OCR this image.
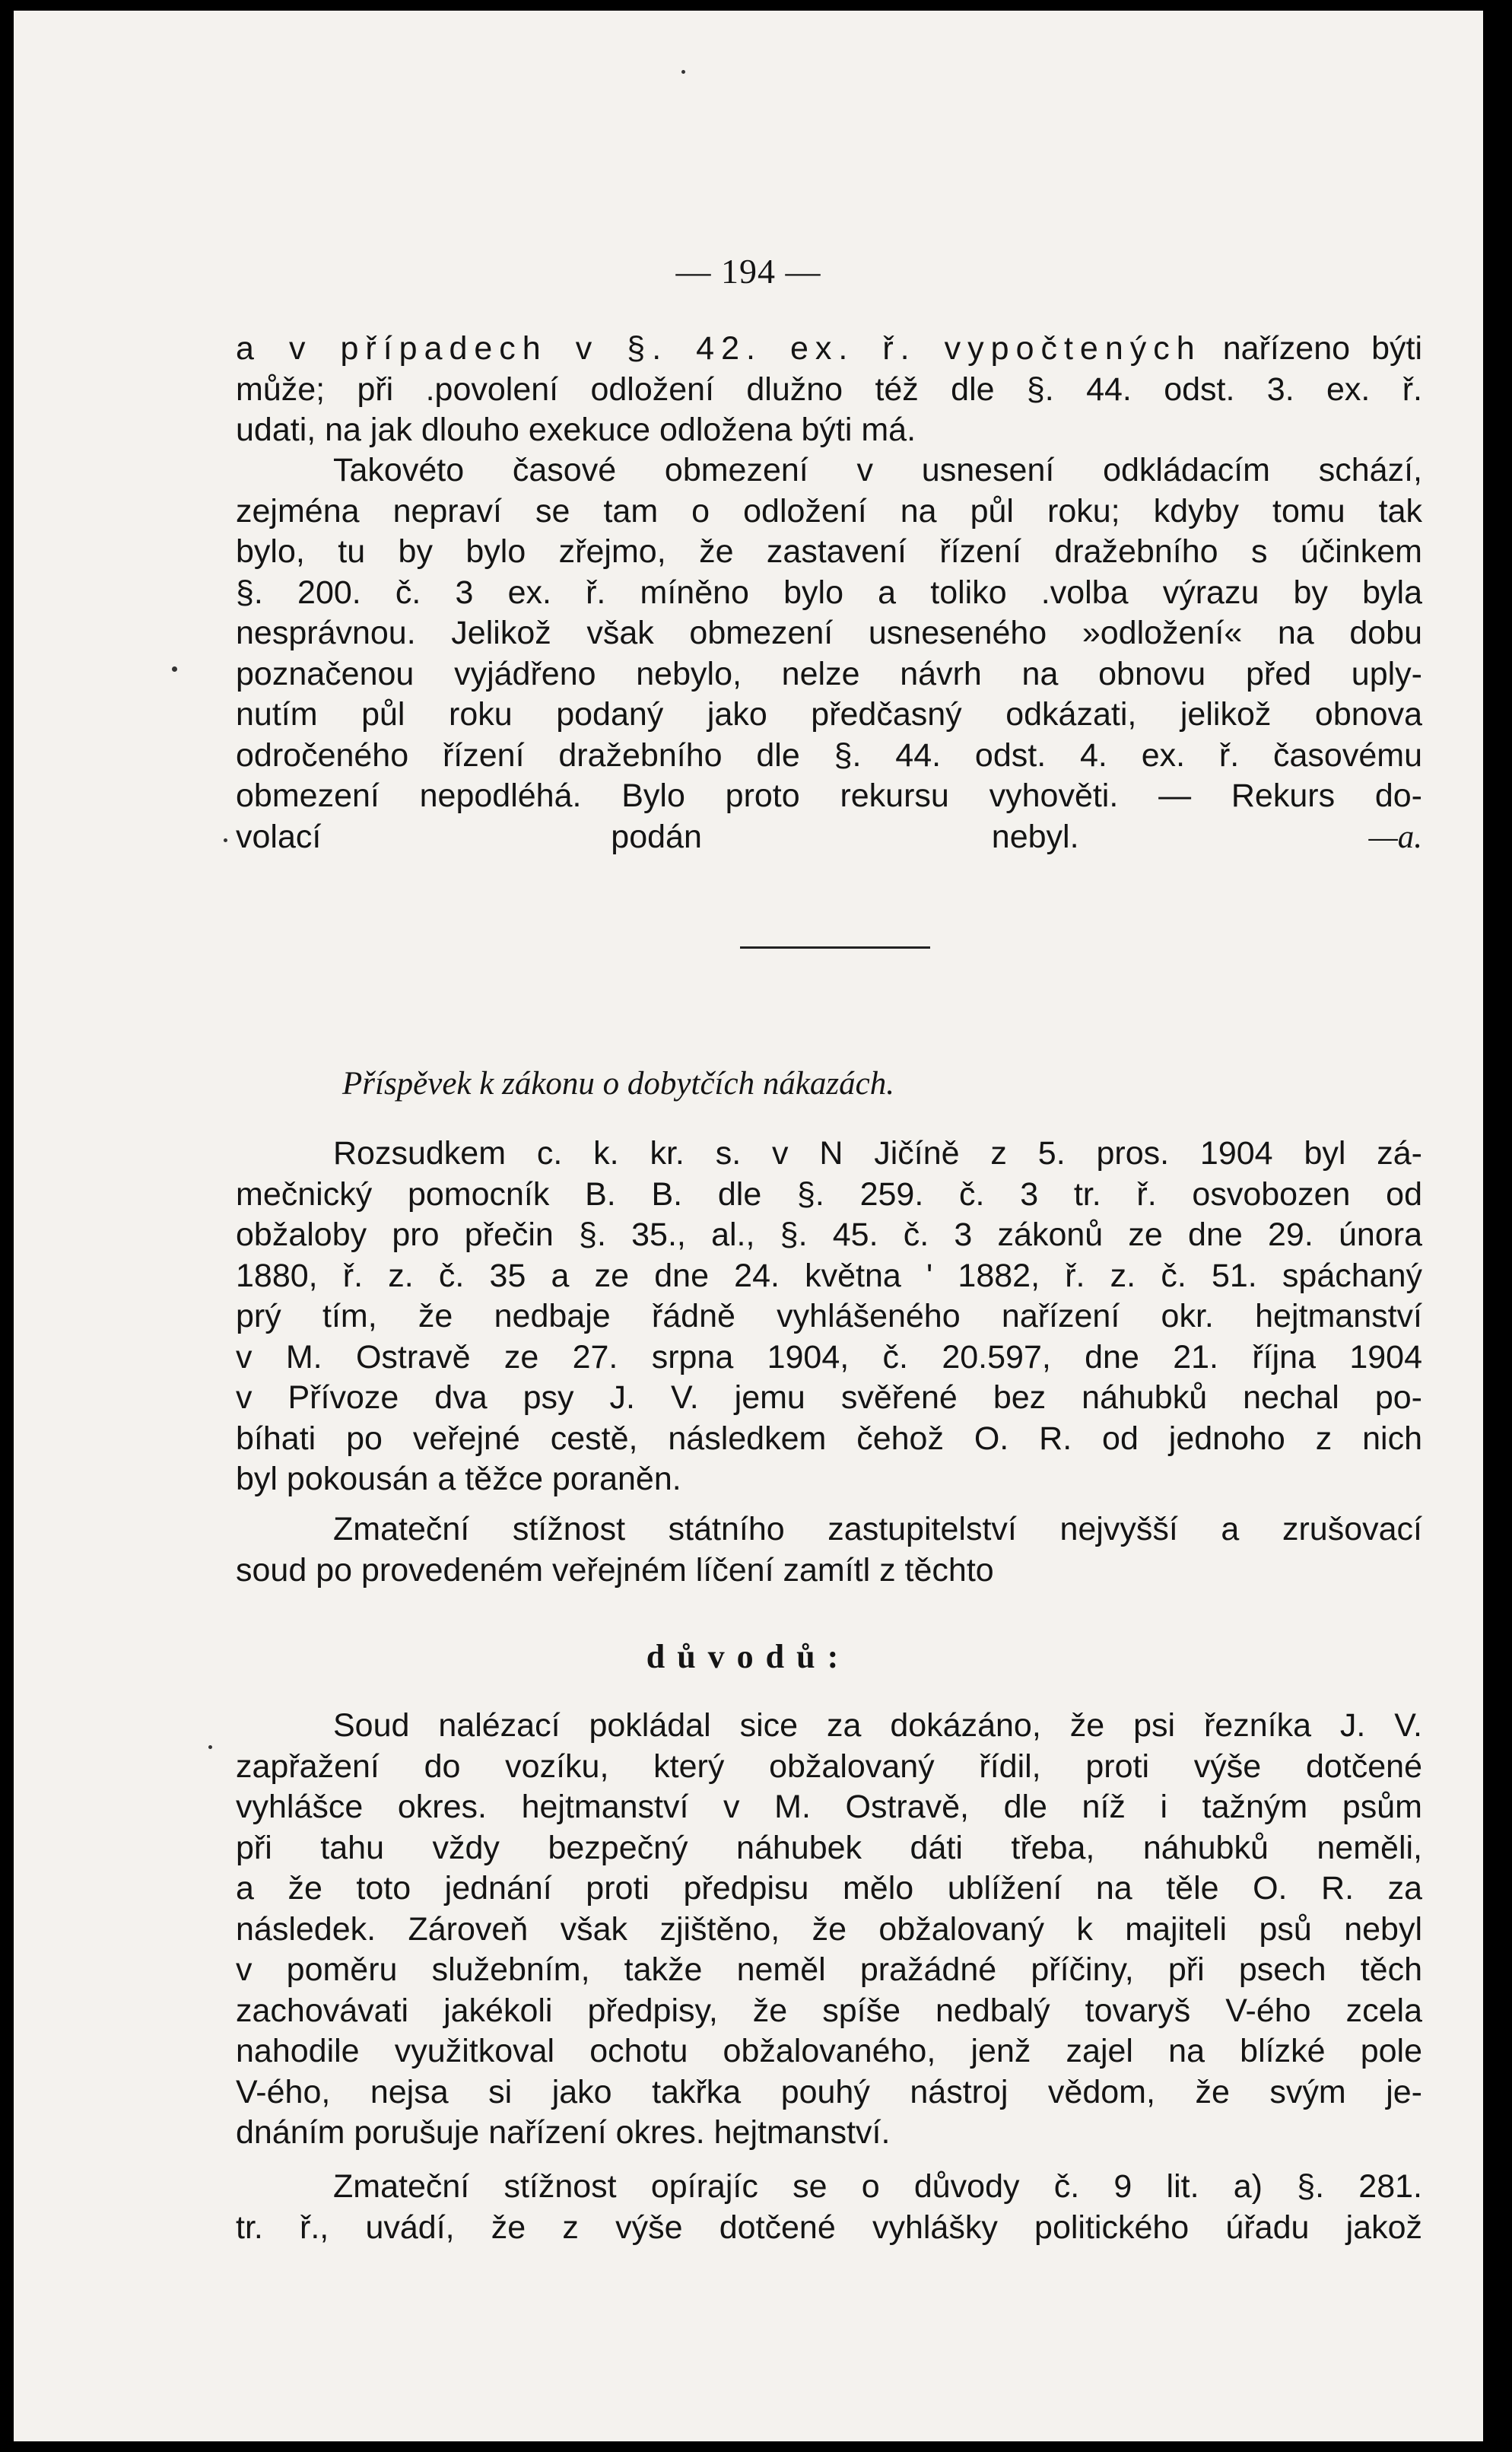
— 194 —
a v případech v §. 42. ex. ř. vypočtených nařízeno býti
může; při .povolení odložení dlužno též dle §. 44. odst. 3. ex. ř.
udati, na jak dlouho exekuce odložena býti má.
Takovéto časové obmezení v usnesení odkládacím schází,
zejména nepraví se tam o odložení na půl roku; kdyby tomu tak
bylo, tu by bylo zřejmo, že zastavení řízení dražebního s účinkem
§. 200. č. 3 ex. ř. míněno bylo a toliko .volba výrazu by byla
nesprávnou. Jelikož však obmezení usneseného »odložení« na dobu
poznačenou vyjádřeno nebylo, nelze návrh na obnovu před uply-
nutím půl roku podaný jako předčasný odkázati, jelikož obnova
odročeného řízení dražebního dle §. 44. odst. 4. ex. ř. časovému
obmezení nepodléhá. Bylo proto rekursu vyhověti. — Rekurs do-
volací podán nebyl.	—a.
Příspěvek k zákonu o dobytčích nákazách.
Rozsudkem c. k. kr. s. v N Jičíně z 5. pros. 1904 byl zá-
mečnický pomocník B. B. dle §. 259. č. 3 tr. ř. osvobozen od
obžaloby pro přečin §. 35., al., §. 45. č. 3 zákonů ze dne 29. února
1880, ř. z. č. 35 a ze dne 24. května ' 1882, ř. z. č. 51. spáchaný
prý tím, že nedbaje řádně vyhlášeného nařízení okr. hejtmanství
v M. Ostravě ze 27. srpna 1904, č. 20.597, dne 21. října 1904
v Přívoze dva psy J. V. jemu svěřené bez náhubků nechal po-
bíhati po veřejné cestě, následkem čehož O. R. od jednoho z nich
byl pokousán a těžce poraněn.
Zmateční stížnost státního zastupitelství nejvyšší a zrušovací
soud po provedeném veřejném líčení zamítl z těchto
důvodů:
Soud nalézací pokládal sice za dokázáno, že psi řezníka J. V.
zapřažení do vozíku, který obžalovaný řídil, proti výše dotčené
vyhlášce okres. hejtmanství v M. Ostravě, dle níž i tažným psům
při tahu vždy bezpečný náhubek dáti třeba, náhubků neměli,
a že toto jednání proti předpisu mělo ublížení na těle O. R. za
následek. Zároveň však zjištěno, že obžalovaný k majiteli psů nebyl
v poměru služebním, takže neměl pražádné příčiny, při psech těch
zachovávati jakékoli předpisy, že spíše nedbalý tovaryš V-ého zcela
nahodile využitkoval ochotu obžalovaného, jenž zajel na blízké pole
V-ého, nejsa si jako takřka pouhý nástroj vědom, že svým je-
dnáním porušuje nařízení okres. hejtmanství.
Zmateční stížnost opírajíc se o důvody č. 9 lit. a) §. 281.
tr. ř., uvádí, že z výše dotčené vyhlášky politického úřadu jakož
